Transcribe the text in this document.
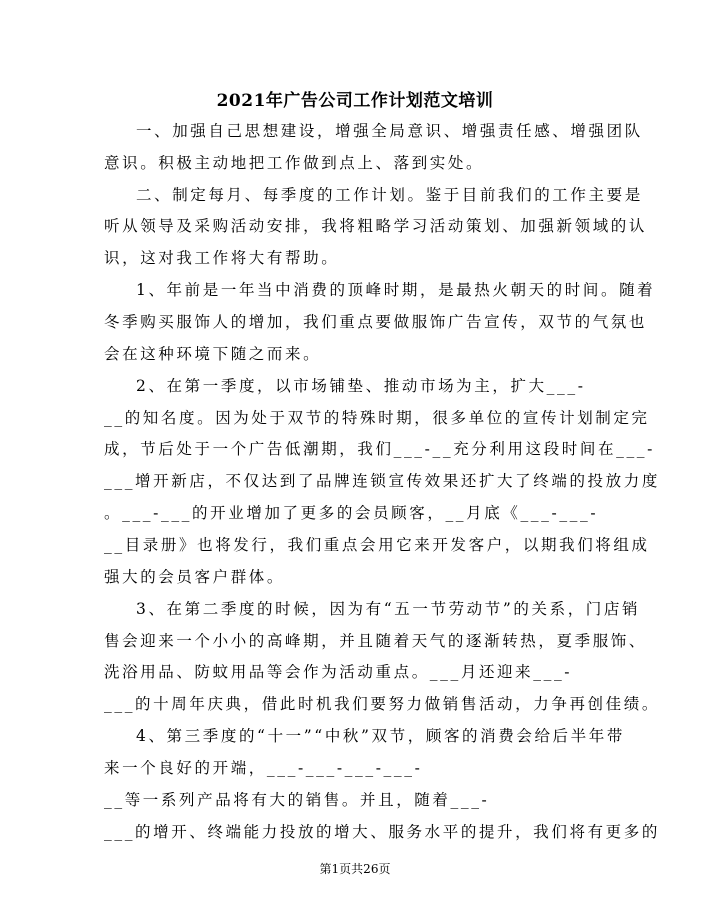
2021年广告公司工作计划范文培训
一、加强自己思想建设，增强全局意识、增强责任感、增强团队
意识。积极主动地把工作做到点上、落到实处。
二、制定每月、每季度的工作计划。鉴于目前我们的工作主要是
听从领导及采购活动安排，我将粗略学习活动策划、加强新领域的认
识，这对我工作将大有帮助。
1、年前是一年当中消费的顶峰时期，是最热火朝天的时间。随着
冬季购买服饰人的增加，我们重点要做服饰广告宣传，双节的气氛也
会在这种环境下随之而来。
2、在第一季度，以市场铺垫、推动市场为主，扩大___-
__的知名度。因为处于双节的特殊时期，很多单位的宣传计划制定完
成，节后处于一个广告低潮期，我们___-__充分利用这段时间在___-
___增开新店，不仅达到了品牌连锁宣传效果还扩大了终端的投放力度
。___-___的开业增加了更多的会员顾客，__月底《___-___-
__目录册》也将发行，我们重点会用它来开发客户，以期我们将组成
强大的会员客户群体。
3、在第二季度的时候，因为有“五一节劳动节”的关系，门店销
售会迎来一个小小的高峰期，并且随着天气的逐渐转热，夏季服饰、
洗浴用品、防蚊用品等会作为活动重点。___月还迎来___-
___的十周年庆典，借此时机我们要努力做销售活动，力争再创佳绩。
4、第三季度的“十一”“中秋”双节，顾客的消费会给后半年带
来一个良好的开端，___-___-___-___-
__等一系列产品将有大的销售。并且，随着___-
___的增开、终端能力投放的增大、服务水平的提升，我们将有更多的
第1页共26页
